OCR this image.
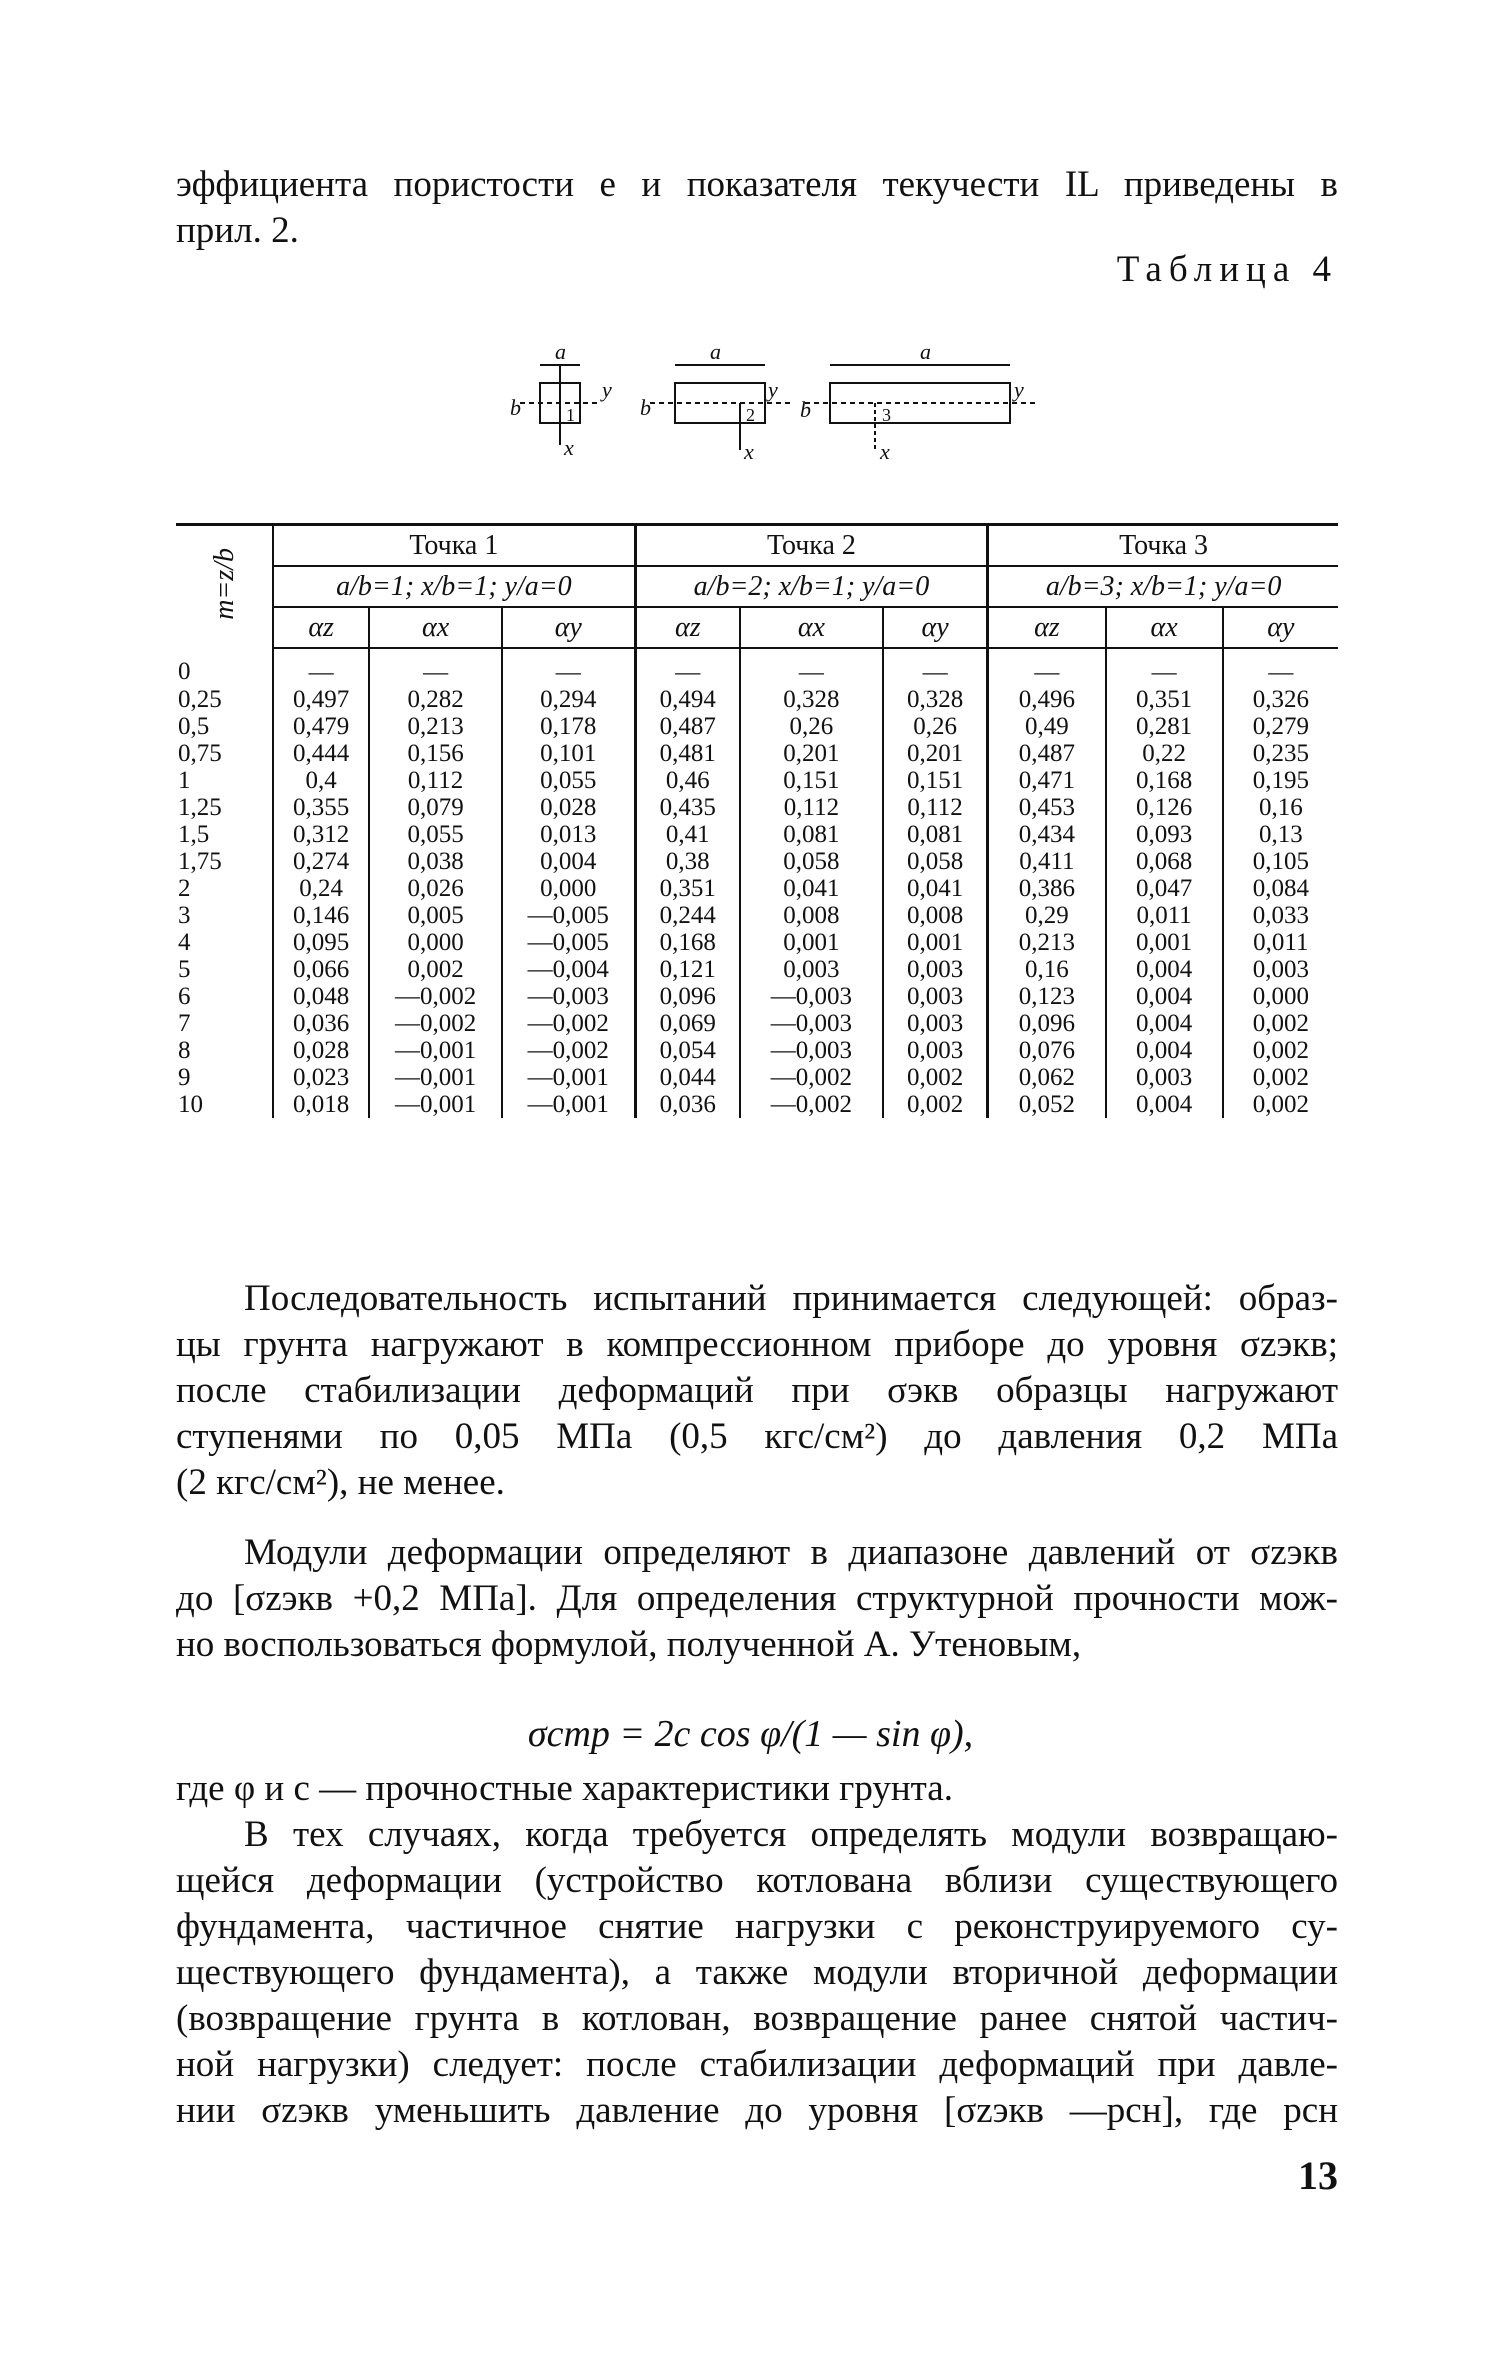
эффициента пористости e и показателя текучести IL приведены в
прил. 2.

Таблица 4
a
b
y
x
1
a
b
y
x
2
a
b
y
x
3
m=z/b	Точка 1			Точка 2			Точка 3		
	a/b=1; x/b=1; y/a=0			a/b=2; x/b=1; y/a=0			a/b=3; x/b=1; y/a=0		
	αz	αx	αy	αz	αx	αy	αz	αx	αy
0	—	—	—	—	—	—	—	—	—
0,25	0,497	0,282	0,294	0,494	0,328	0,328	0,496	0,351	0,326
0,5	0,479	0,213	0,178	0,487	0,26	0,26	0,49	0,281	0,279
0,75	0,444	0,156	0,101	0,481	0,201	0,201	0,487	0,22	0,235
1	0,4	0,112	0,055	0,46	0,151	0,151	0,471	0,168	0,195
1,25	0,355	0,079	0,028	0,435	0,112	0,112	0,453	0,126	0,16
1,5	0,312	0,055	0,013	0,41	0,081	0,081	0,434	0,093	0,13
1,75	0,274	0,038	0,004	0,38	0,058	0,058	0,411	0,068	0,105
2	0,24	0,026	0,000	0,351	0,041	0,041	0,386	0,047	0,084
3	0,146	0,005	—0,005	0,244	0,008	0,008	0,29	0,011	0,033
4	0,095	0,000	—0,005	0,168	0,001	0,001	0,213	0,001	0,011
5	0,066	0,002	—0,004	0,121	0,003	0,003	0,16	0,004	0,003
6	0,048	—0,002	—0,003	0,096	—0,003	0,003	0,123	0,004	0,000
7	0,036	—0,002	—0,002	0,069	—0,003	0,003	0,096	0,004	0,002
8	0,028	—0,001	—0,002	0,054	—0,003	0,003	0,076	0,004	0,002
9	0,023	—0,001	—0,001	0,044	—0,002	0,002	0,062	0,003	0,002
10	0,018	—0,001	—0,001	0,036	—0,002	0,002	0,052	0,004	0,002

Последовательность испытаний принимается следующей: образ-
цы грунта нагружают в компрессионном приборе до уровня σzэкв;
после стабилизации деформаций при σэкв образцы нагружают
ступенями по 0,05 МПа (0,5 кгс/см²) до давления 0,2 МПа
(2 кгс/см²), не менее.

Модули деформации определяют в диапазоне давлений от σzэкв
до [σzэкв +0,2 МПа]. Для определения структурной прочности мож-
но воспользоваться формулой, полученной А. Утеновым,

σстр = 2c cos φ/(1 — sin φ),

где φ и c — прочностные характеристики грунта.

В тех случаях, когда требуется определять модули возвращаю-
щейся деформации (устройство котлована вблизи существующего
фундамента, частичное снятие нагрузки с реконструируемого су-
ществующего фундамента), а также модули вторичной деформации
(возвращение грунта в котлован, возвращение ранее снятой частич-
ной нагрузки) следует: после стабилизации деформаций при давле-
нии σzэкв уменьшить давление до уровня [σzэкв —pсн], где pсн

13
